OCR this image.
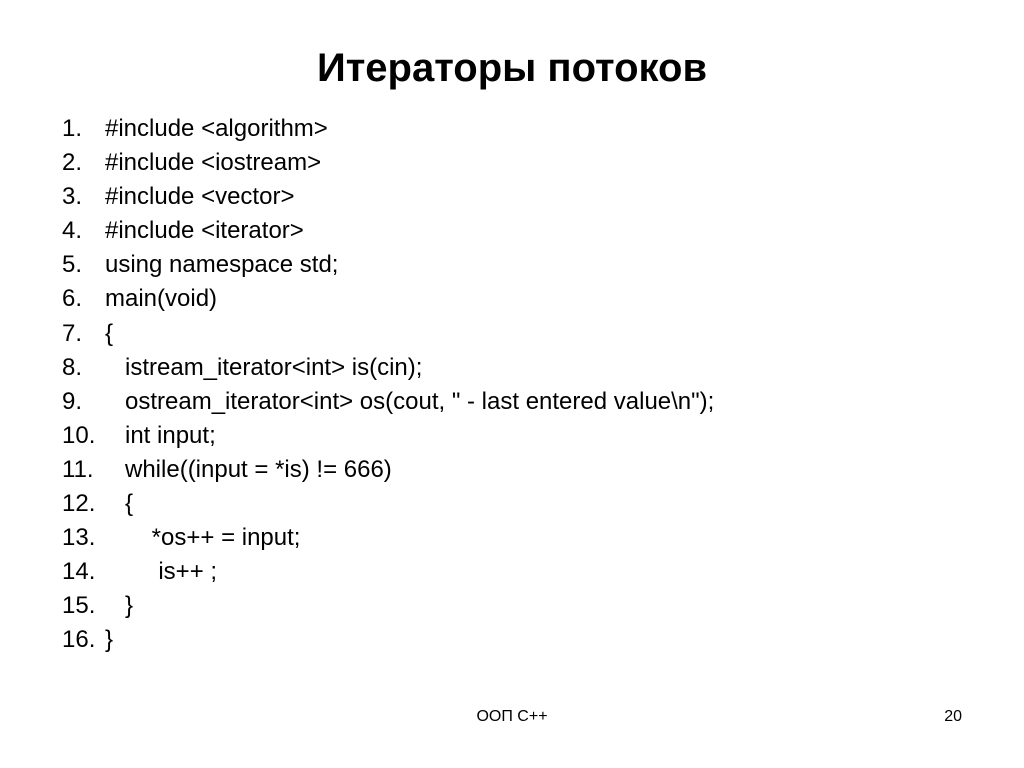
Итераторы потоков
1. #include <algorithm>
2. #include <iostream>
3. #include <vector>
4. #include <iterator>
5. using namespace std;
6. main(void)
7. {
8. istream_iterator<int> is(cin);
9. ostream_iterator<int> os(cout, " - last entered value\n");
10. int input;
11. while((input = *is) != 666)
12. {
13. *os++ = input;
14. is++ ;
15. }
16. }
ООП C++	20
